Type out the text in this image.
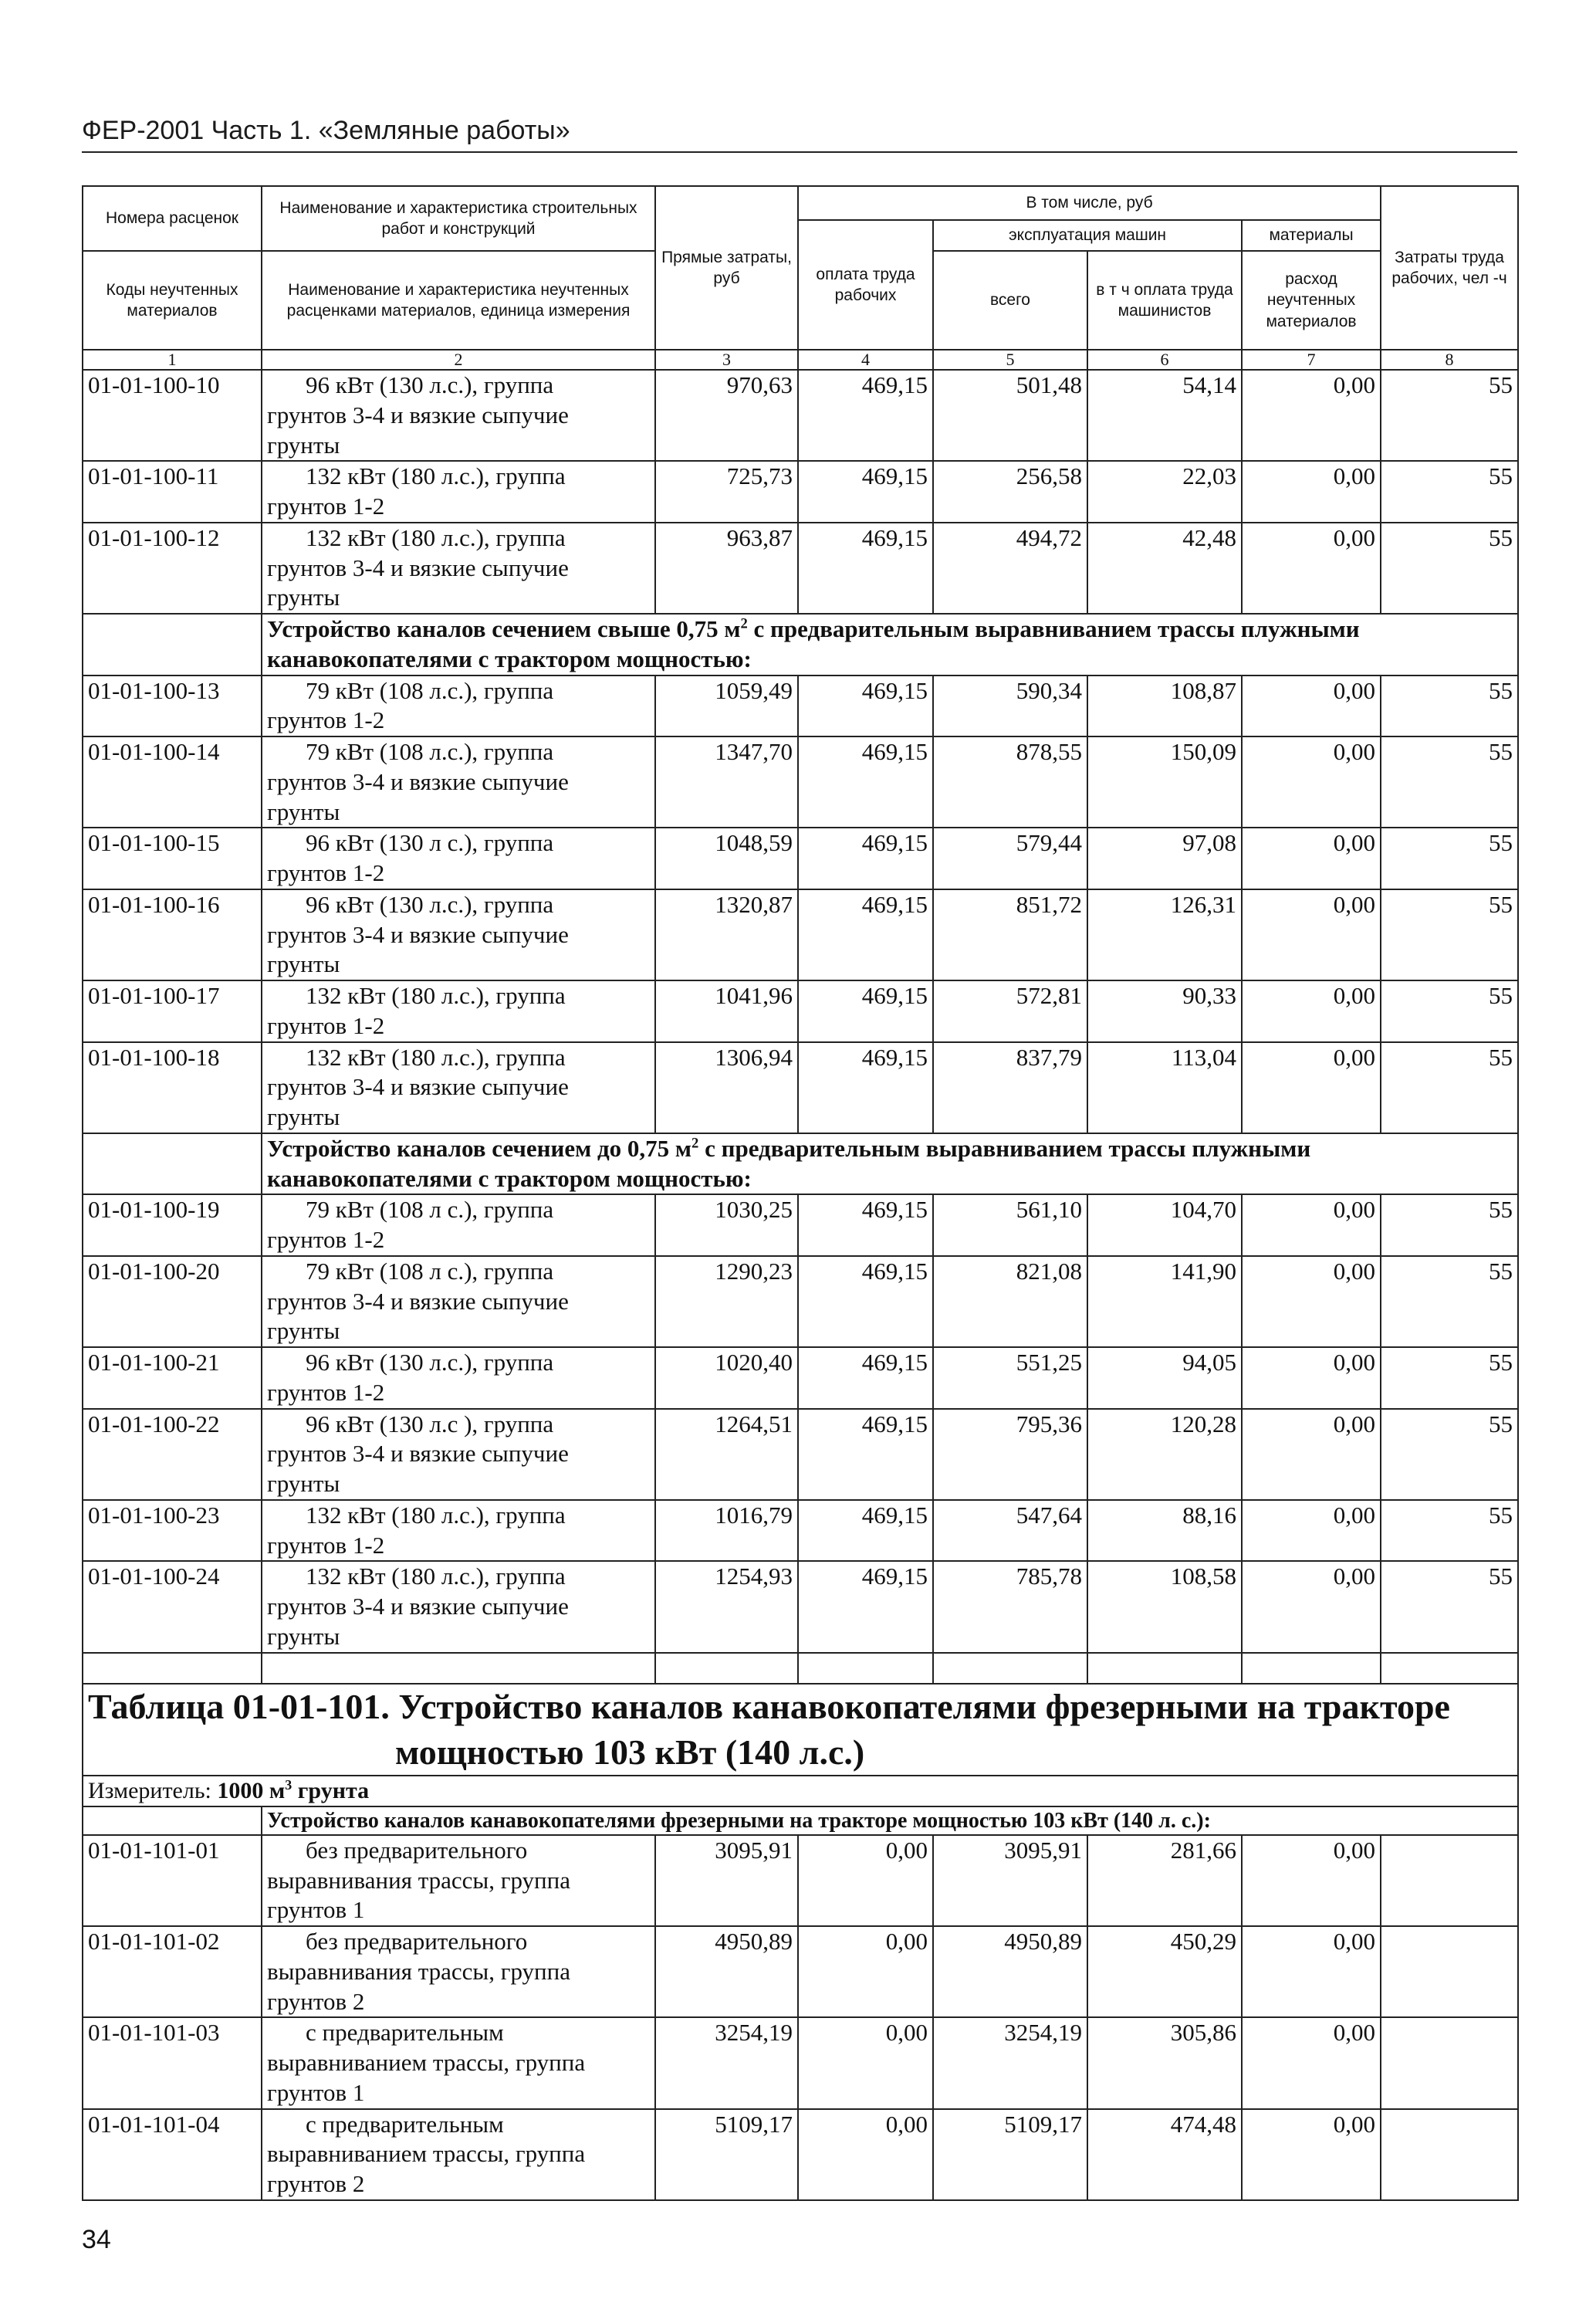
ФЕР-2001 Часть 1. «Земляные работы»
Номера расценок	Наименование и характеристика строительных работ и конструкций	Прямые затраты, руб	В том числе, руб				Затраты труда рабочих, чел -ч
			оплата труда рабочих	эксплуатация машин		материалы	
Коды неучтенных материалов	Наименование и характеристика неучтенных расценками материалов, единица измерения			всего	в т ч оплата труда машинистов	расход неучтенных материалов	
1	2	3	4	5	6	7	8
01-01-100-10	96 кВт (130 л.с.), группа
грунтов 3-4 и вязкие сыпучие
грунты	970,63	469,15	501,48	54,14	0,00	55
01-01-100-11	132 кВт (180 л.с.), группа
грунтов 1-2	725,73	469,15	256,58	22,03	0,00	55
01-01-100-12	132 кВт (180 л.с.), группа
грунтов 3-4 и вязкие сыпучие
грунты	963,87	469,15	494,72	42,48	0,00	55
	Устройство каналов сечением свыше 0,75 $м^2$ с предварительным выравниванием трассы плужными
канавокопателями с трактором мощностью:						
01-01-100-13	79 кВт (108 л.с.), группа
грунтов 1-2	1059,49	469,15	590,34	108,87	0,00	55
01-01-100-14	79 кВт (108 л.с.), группа
грунтов 3-4 и вязкие сыпучие
грунты	1347,70	469,15	878,55	150,09	0,00	55
01-01-100-15	96 кВт (130 л с.), группа
грунтов 1-2	1048,59	469,15	579,44	97,08	0,00	55
01-01-100-16	96 кВт (130 л.с.), группа
грунтов 3-4 и вязкие сыпучие
грунты	1320,87	469,15	851,72	126,31	0,00	55
01-01-100-17	132 кВт (180 л.с.), группа
грунтов 1-2	1041,96	469,15	572,81	90,33	0,00	55
01-01-100-18	132 кВт (180 л.с.), группа
грунтов 3-4 и вязкие сыпучие
грунты	1306,94	469,15	837,79	113,04	0,00	55
	Устройство каналов сечением до 0,75 $м^2$ с предварительным выравниванием трассы плужными
канавокопателями с трактором мощностью:						
01-01-100-19	79 кВт (108 л с.), группа
грунтов 1-2	1030,25	469,15	561,10	104,70	0,00	55
01-01-100-20	79 кВт (108 л с.), группа
грунтов 3-4 и вязкие сыпучие
грунты	1290,23	469,15	821,08	141,90	0,00	55
01-01-100-21	96 кВт (130 л.с.), группа
грунтов 1-2	1020,40	469,15	551,25	94,05	0,00	55
01-01-100-22	96 кВт (130 л.с ), группа
грунтов 3-4 и вязкие сыпучие
грунты	1264,51	469,15	795,36	120,28	0,00	55
01-01-100-23	132 кВт (180 л.с.), группа
грунтов 1-2	1016,79	469,15	547,64	88,16	0,00	55
01-01-100-24	132 кВт (180 л.с.), группа
грунтов 3-4 и вязкие сыпучие
грунты	1254,93	469,15	785,78	108,58	0,00	55

Таблица 01-01-101. Устройство каналов канавокопателями фрезерными на тракторе
мощностью 103 кВт (140 л.с.)							

Измеритель: 1000 $м^3$ грунта							
	Устройство каналов канавокопателями фрезерными на тракторе мощностью 103 кВт (140 л. с.):						
01-01-101-01	без предварительного
выравнивания трассы, группа
грунтов 1	3095,91	0,00	3095,91	281,66	0,00	
01-01-101-02	без предварительного
выравнивания трассы, группа
грунтов 2	4950,89	0,00	4950,89	450,29	0,00	
01-01-101-03	с предварительным
выравниванием трассы, группа
грунтов 1	3254,19	0,00	3254,19	305,86	0,00	
01-01-101-04	с предварительным
выравниванием трассы, группа
грунтов 2	5109,17	0,00	5109,17	474,48	0,00	
34
